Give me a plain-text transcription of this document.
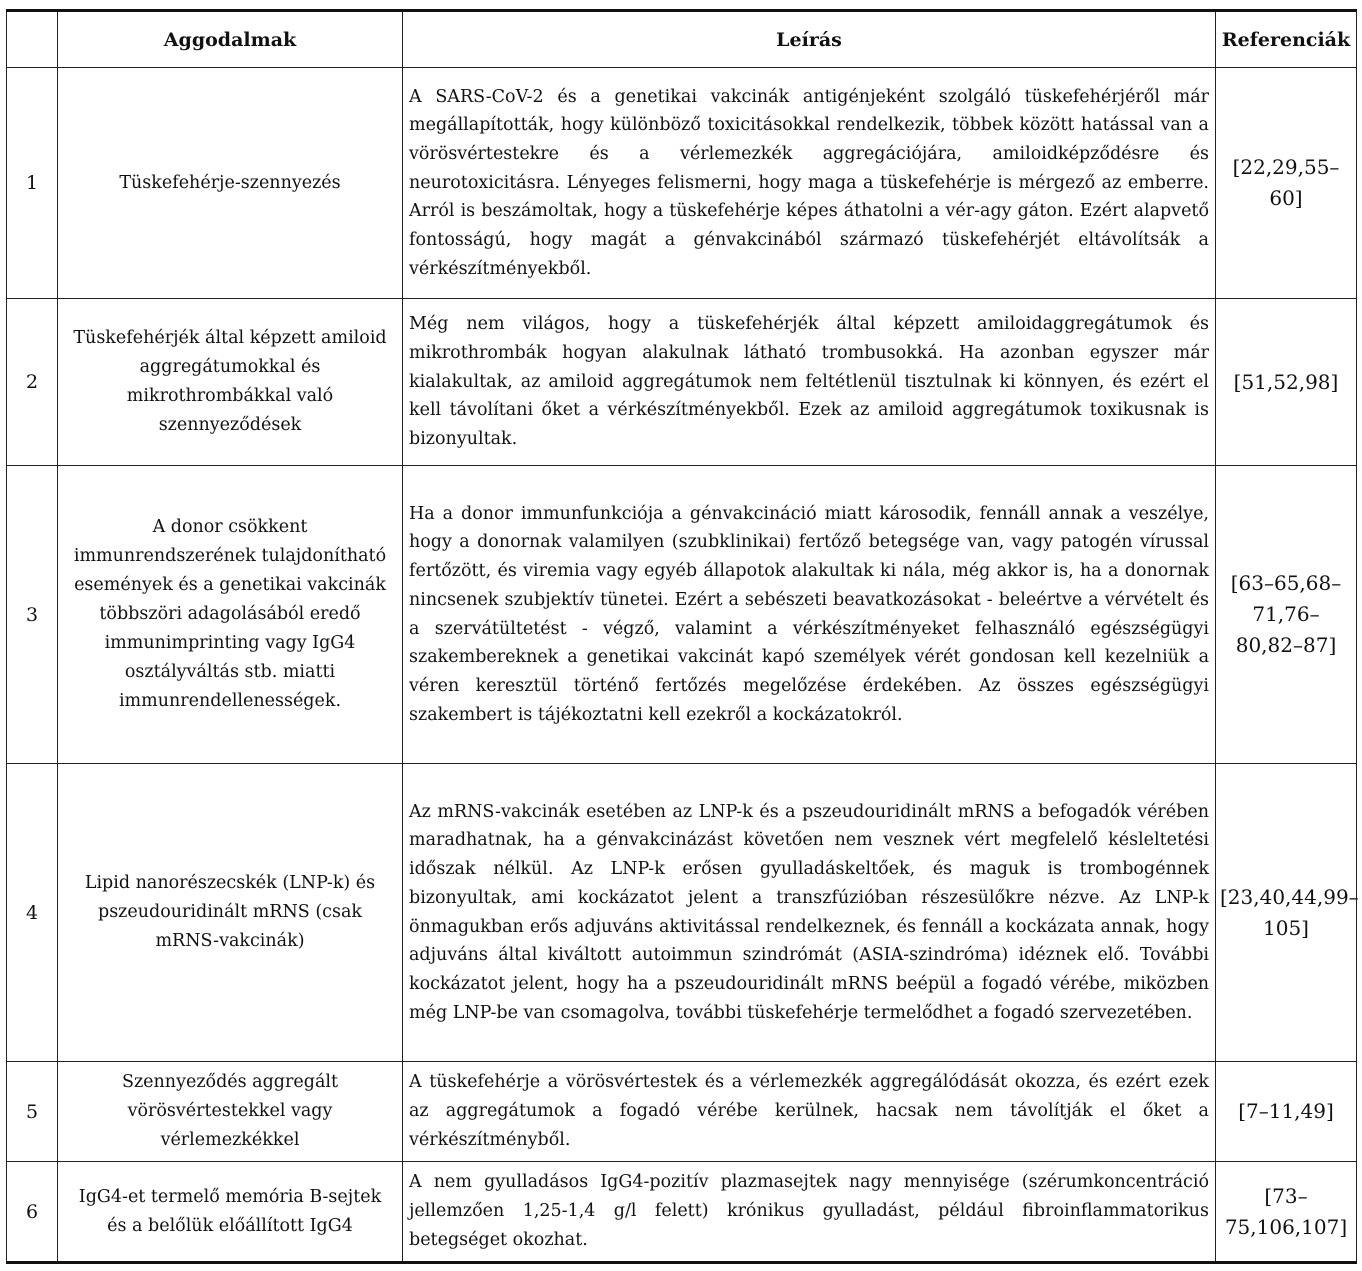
	Aggodalmak	Leírás	Referenciák
1	Tüskefehérje-szennyezés	A SARS-CoV-2 és a genetikai vakcinák antigénjeként szolgáló tüskefehérjéről már megállapították, hogy különböző toxicitásokkal rendelkezik, többek között hatással van a vörösvértestekre és a vérlemezkék aggregációjára, amiloidképződésre és neurotoxicitásra. Lényeges felismerni, hogy maga a tüskefehérje is mérgező az emberre. Arról is beszámoltak, hogy a tüskefehérje képes áthatolni a vér-agy gáton. Ezért alapvető fontosságú, hogy magát a génvakcinából származó tüskefehérjét eltávolítsák a vérkészítményekből.	[22,29,55–60]
2	Tüskefehérjék által képzett amiloid aggregátumokkal és mikrothrombákkal való szennyeződések	Még nem világos, hogy a tüskefehérjék által képzett amiloidaggregátumok és mikrothrombák hogyan alakulnak látható trombusokká. Ha azonban egyszer már kialakultak, az amiloid aggregátumok nem feltétlenül tisztulnak ki könnyen, és ezért el kell távolítani őket a vérkészítményekből. Ezek az amiloid aggregátumok toxikusnak is bizonyultak.	[51,52,98]
3	A donor csökkent immunrendszerének tulajdonítható események és a genetikai vakcinák többszöri adagolásából eredő immunimprinting vagy IgG4 osztályváltás stb. miatti immunrendellenességek.	Ha a donor immunfunkciója a génvakcináció miatt károsodik, fennáll annak a veszélye, hogy a donornak valamilyen (szubklinikai) fertőző betegsége van, vagy patogén vírussal fertőzött, és viremia vagy egyéb állapotok alakultak ki nála, még akkor is, ha a donornak nincsenek szubjektív tünetei. Ezért a sebészeti beavatkozásokat - beleértve a vérvételt és a szervátültetést - végző, valamint a vérkészítményeket felhasználó egészségügyi szakembereknek a genetikai vakcinát kapó személyek vérét gondosan kell kezelniük a véren keresztül történő fertőzés megelőzése érdekében. Az összes egészségügyi szakembert is tájékoztatni kell ezekről a kockázatokról.	[63–65,68–71,76–80,82–87]
4	Lipid nanorészecskék (LNP-k) és pszeudouridinált mRNS (csak mRNS-vakcinák)	Az mRNS-vakcinák esetében az LNP-k és a pszeudouridinált mRNS a befogadók vérében maradhatnak, ha a génvakcinázást követően nem vesznek vért megfelelő késleltetési időszak nélkül. Az LNP-k erősen gyulladáskeltőek, és maguk is trombogénnek bizonyultak, ami kockázatot jelent a transzfúzióban részesülőkre nézve. Az LNP-k önmagukban erős adjuváns aktivitással rendelkeznek, és fennáll a kockázata annak, hogy adjuváns által kiváltott autoimmun szindrómát (ASIA-szindróma) idéznek elő. További kockázatot jelent, hogy ha a pszeudouridinált mRNS beépül a fogadó vérébe, miközben még LNP-be van csomagolva, további tüskefehérje termelődhet a fogadó szervezetében.	[23,40,44,99–105]
5	Szennyeződés aggregált vörösvértestekkel vagy vérlemezkékkel	A tüskefehérje a vörösvértestek és a vérlemezkék aggregálódását okozza, és ezért ezek az aggregátumok a fogadó vérébe kerülnek, hacsak nem távolítják el őket a vérkészítményből.	[7–11,49]
6	IgG4-et termelő memória B-sejtek és a belőlük előállított IgG4	A nem gyulladásos IgG4-pozitív plazmasejtek nagy mennyisége (szérumkoncentráció jellemzően 1,25-1,4 g/l felett) krónikus gyulladást, például fibroinflammatorikus betegséget okozhat.	[73–75,106,107]
